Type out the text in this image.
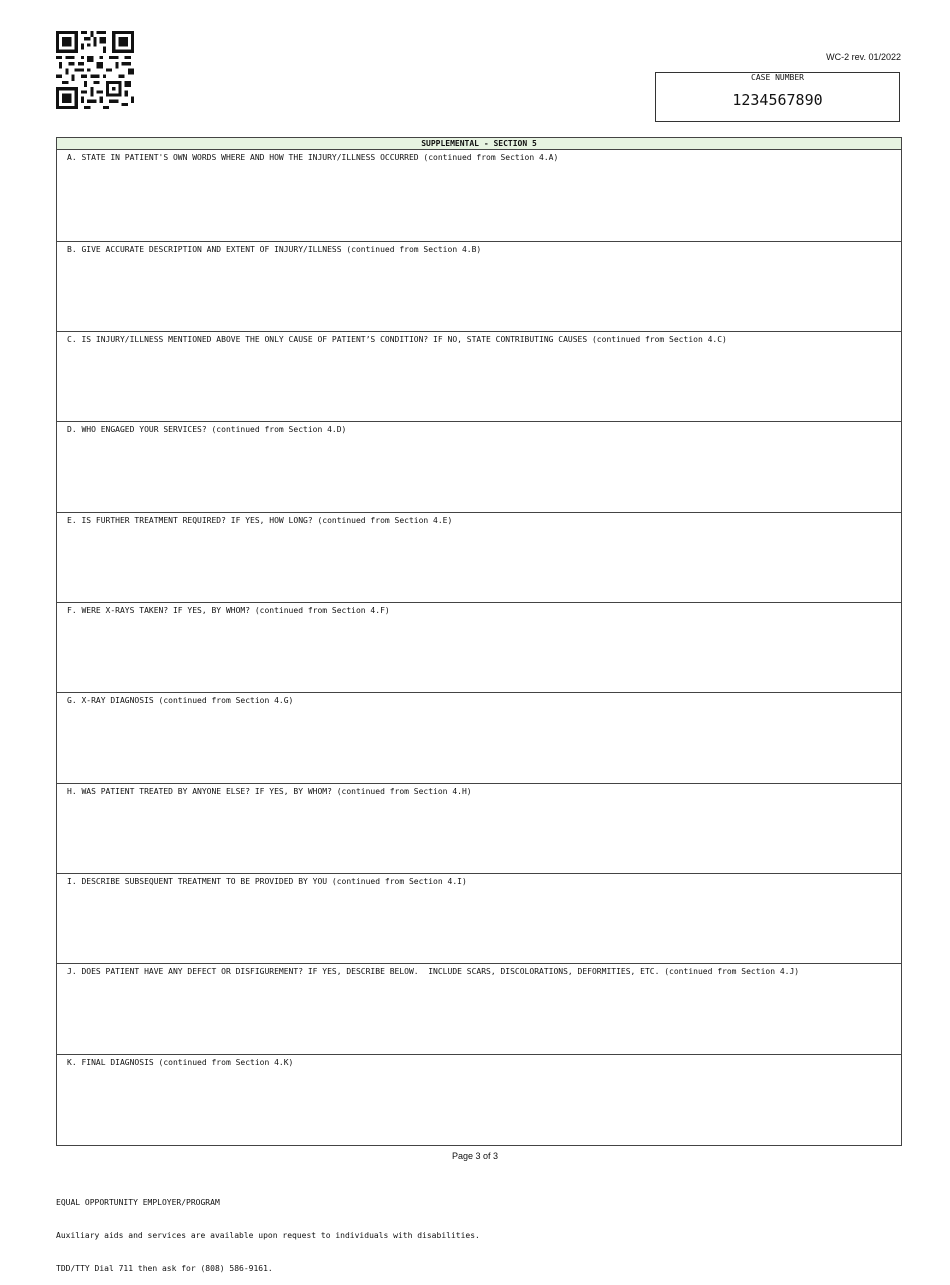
WC-2 rev. 01/2022
CASE NUMBER
1234567890
SUPPLEMENTAL - SECTION 5
A. STATE IN PATIENT'S OWN WORDS WHERE AND HOW THE INJURY/ILLNESS OCCURRED (continued from Section 4.A)
B. GIVE ACCURATE DESCRIPTION AND EXTENT OF INJURY/ILLNESS (continued from Section 4.B)
C. IS INJURY/ILLNESS MENTIONED ABOVE THE ONLY CAUSE OF PATIENT’S CONDITION? IF NO, STATE CONTRIBUTING CAUSES (continued from Section 4.C)
D. WHO ENGAGED YOUR SERVICES? (continued from Section 4.D)
E. IS FURTHER TREATMENT REQUIRED? IF YES, HOW LONG? (continued from Section 4.E)
F. WERE X-RAYS TAKEN? IF YES, BY WHOM? (continued from Section 4.F)
G. X-RAY DIAGNOSIS (continued from Section 4.G)
H. WAS PATIENT TREATED BY ANYONE ELSE? IF YES, BY WHOM? (continued from Section 4.H)
I. DESCRIBE SUBSEQUENT TREATMENT TO BE PROVIDED BY YOU (continued from Section 4.I)
J. DOES PATIENT HAVE ANY DEFECT OR DISFIGUREMENT? IF YES, DESCRIBE BELOW.  INCLUDE SCARS, DISCOLORATIONS, DEFORMITIES, ETC. (continued from Section 4.J)
K. FINAL DIAGNOSIS (continued from Section 4.K)
Page 3 of 3

EQUAL OPPORTUNITY EMPLOYER/PROGRAM

Auxiliary aids and services are available upon request to individuals with disabilities.

TDD/TTY Dial 711 then ask for (808) 586-9161.
